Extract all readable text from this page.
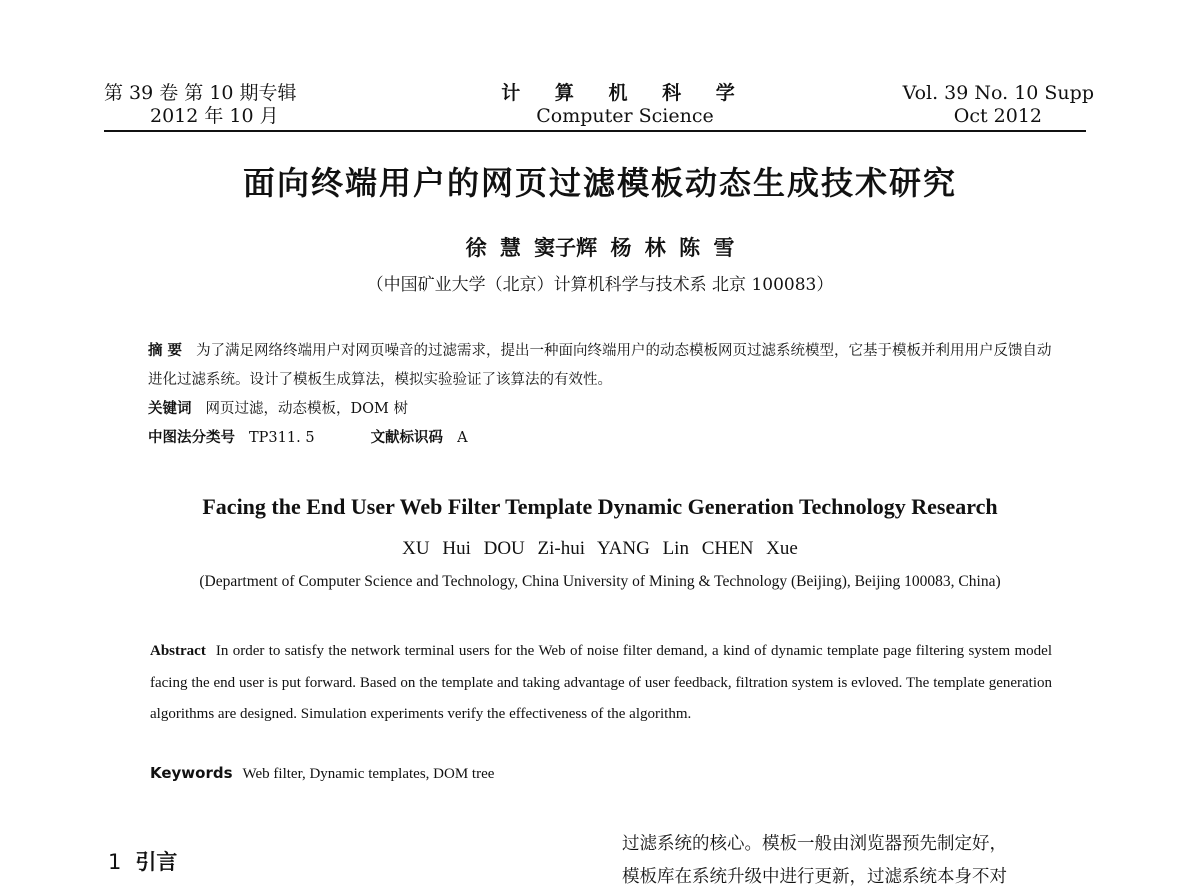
第 39 卷 第 10 期专辑
2012 年 10 月
计 算 机 科 学
Computer Science
Vol. 39 No. 10 Supp
Oct 2012
面向终端用户的网页过滤模板动态生成技术研究
徐 慧 窦子辉 杨 林 陈 雪
（中国矿业大学（北京）计算机科学与技术系 北京 100083）
摘 要 为了满足网络终端用户对网页噪音的过滤需求，提出一种面向终端用户的动态模板网页过滤系统模型，它基于模板并利用用户反馈自动进化过滤系统。设计了模板生成算法，模拟实验验证了该算法的有效性。
关键词 网页过滤，动态模板，DOM 树
中图法分类号 TP311. 5	文献标识码 A
Facing the End User Web Filter Template Dynamic Generation Technology Research
XU Hui DOU Zi-hui YANG Lin CHEN Xue
(Department of Computer Science and Technology, China University of Mining & Technology (Beijing), Beijing 100083, China)
Abstract In order to satisfy the network terminal users for the Web of noise filter demand, a kind of dynamic template page filtering system model facing the end user is put forward. Based on the template and taking advantage of user feedback, filtration system is evloved. The template generation algorithms are designed. Simulation experiments verify the effectiveness of the algorithm.
Keywords Web filter, Dynamic templates, DOM tree
1 引言
过滤系统的核心。模板一般由浏览器预先制定好，
模板库在系统升级中进行更新，过滤系统本身不对
